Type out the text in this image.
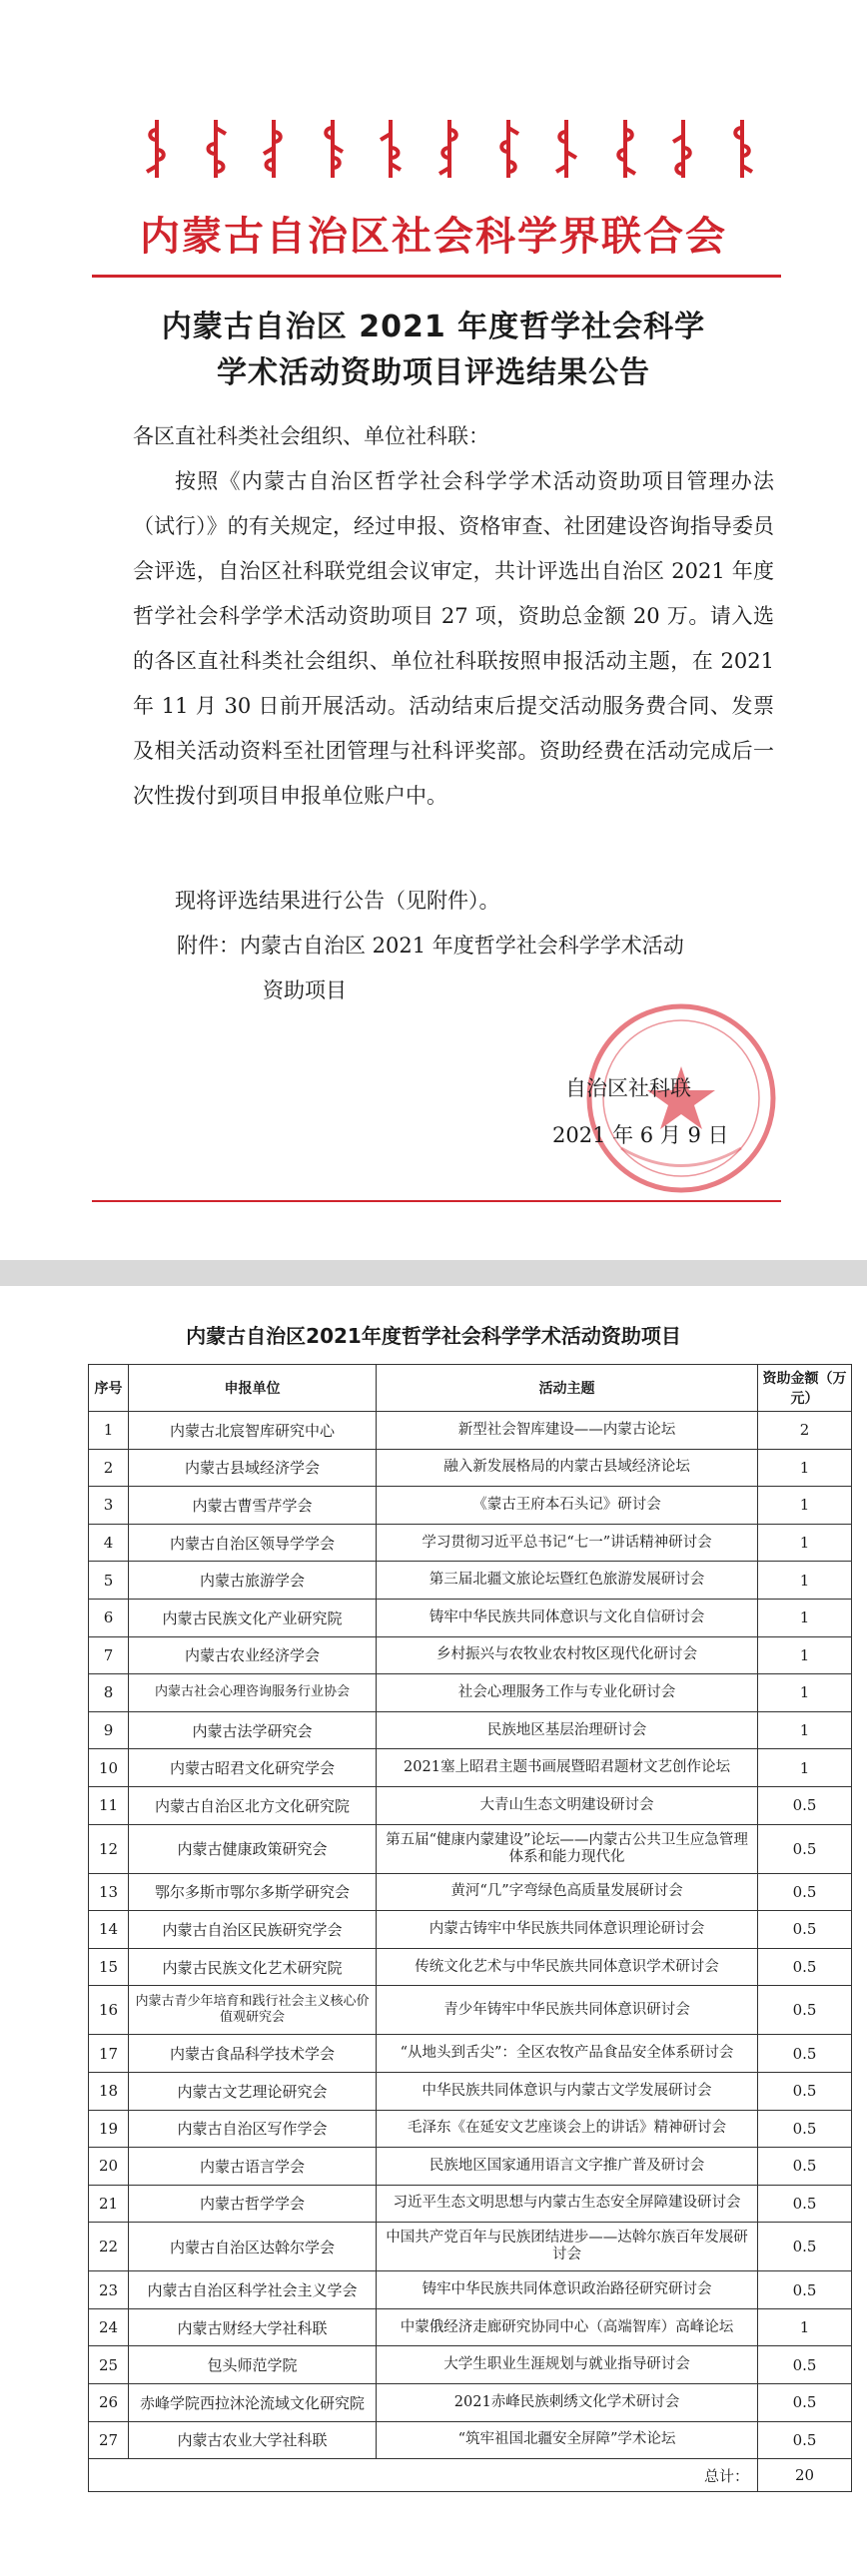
内蒙古自治区社会科学界联合会
内蒙古自治区 2021 年度哲学社会科学
学术活动资助项目评选结果公告
各区直社科类社会组织、单位社科联：
按照《内蒙古自治区哲学社会科学学术活动资助项目管理办法（试行）》的有关规定，经过申报、资格审查、社团建设咨询指导委员会评选，自治区社科联党组会议审定，共计评选出自治区 2021 年度哲学社会科学学术活动资助项目 27 项，资助总金额 20 万。请入选的各区直社科类社会组织、单位社科联按照申报活动主题，在 2021 年 11 月 30 日前开展活动。活动结束后提交活动服务费合同、发票及相关活动资料至社团管理与社科评奖部。资助经费在活动完成后一次性拨付到项目申报单位账户中。
现将评选结果进行公告（见附件）。
附件：内蒙古自治区 2021 年度哲学社会科学学术活动
资助项目
自治区社科联
2021 年 6 月 9 日
内蒙古自治区2021年度哲学社会科学学术活动资助项目
序号	申报单位	活动主题	资助金额（万元）
1	内蒙古北宸智库研究中心	新型社会智库建设——内蒙古论坛	2
2	内蒙古县域经济学会	融入新发展格局的内蒙古县域经济论坛	1
3	内蒙古曹雪芹学会	《蒙古王府本石头记》研讨会	1
4	内蒙古自治区领导学学会	学习贯彻习近平总书记“七一”讲话精神研讨会	1
5	内蒙古旅游学会	第三届北疆文旅论坛暨红色旅游发展研讨会	1
6	内蒙古民族文化产业研究院	铸牢中华民族共同体意识与文化自信研讨会	1
7	内蒙古农业经济学会	乡村振兴与农牧业农村牧区现代化研讨会	1
8	内蒙古社会心理咨询服务行业协会	社会心理服务工作与专业化研讨会	1
9	内蒙古法学研究会	民族地区基层治理研讨会	1
10	内蒙古昭君文化研究学会	2021塞上昭君主题书画展暨昭君题材文艺创作论坛	1
11	内蒙古自治区北方文化研究院	大青山生态文明建设研讨会	0.5
12	内蒙古健康政策研究会	第五届“健康内蒙建设”论坛——内蒙古公共卫生应急管理体系和能力现代化	0.5
13	鄂尔多斯市鄂尔多斯学研究会	黄河“几”字弯绿色高质量发展研讨会	0.5
14	内蒙古自治区民族研究学会	内蒙古铸牢中华民族共同体意识理论研讨会	0.5
15	内蒙古民族文化艺术研究院	传统文化艺术与中华民族共同体意识学术研讨会	0.5
16	内蒙古青少年培育和践行社会主义核心价值观研究会	青少年铸牢中华民族共同体意识研讨会	0.5
17	内蒙古食品科学技术学会	“从地头到舌尖”：全区农牧产品食品安全体系研讨会	0.5
18	内蒙古文艺理论研究会	中华民族共同体意识与内蒙古文学发展研讨会	0.5
19	内蒙古自治区写作学会	毛泽东《在延安文艺座谈会上的讲话》精神研讨会	0.5
20	内蒙古语言学会	民族地区国家通用语言文字推广普及研讨会	0.5
21	内蒙古哲学学会	习近平生态文明思想与内蒙古生态安全屏障建设研讨会	0.5
22	内蒙古自治区达斡尔学会	中国共产党百年与民族团结进步——达斡尔族百年发展研讨会	0.5
23	内蒙古自治区科学社会主义学会	铸牢中华民族共同体意识政治路径研究研讨会	0.5
24	内蒙古财经大学社科联	中蒙俄经济走廊研究协同中心（高端智库）高峰论坛	1
25	包头师范学院	大学生职业生涯规划与就业指导研讨会	0.5
26	赤峰学院西拉沐沦流域文化研究院	2021赤峰民族刺绣文化学术研讨会	0.5
27	内蒙古农业大学社科联	“筑牢祖国北疆安全屏障”学术论坛	0.5
总计：			20
